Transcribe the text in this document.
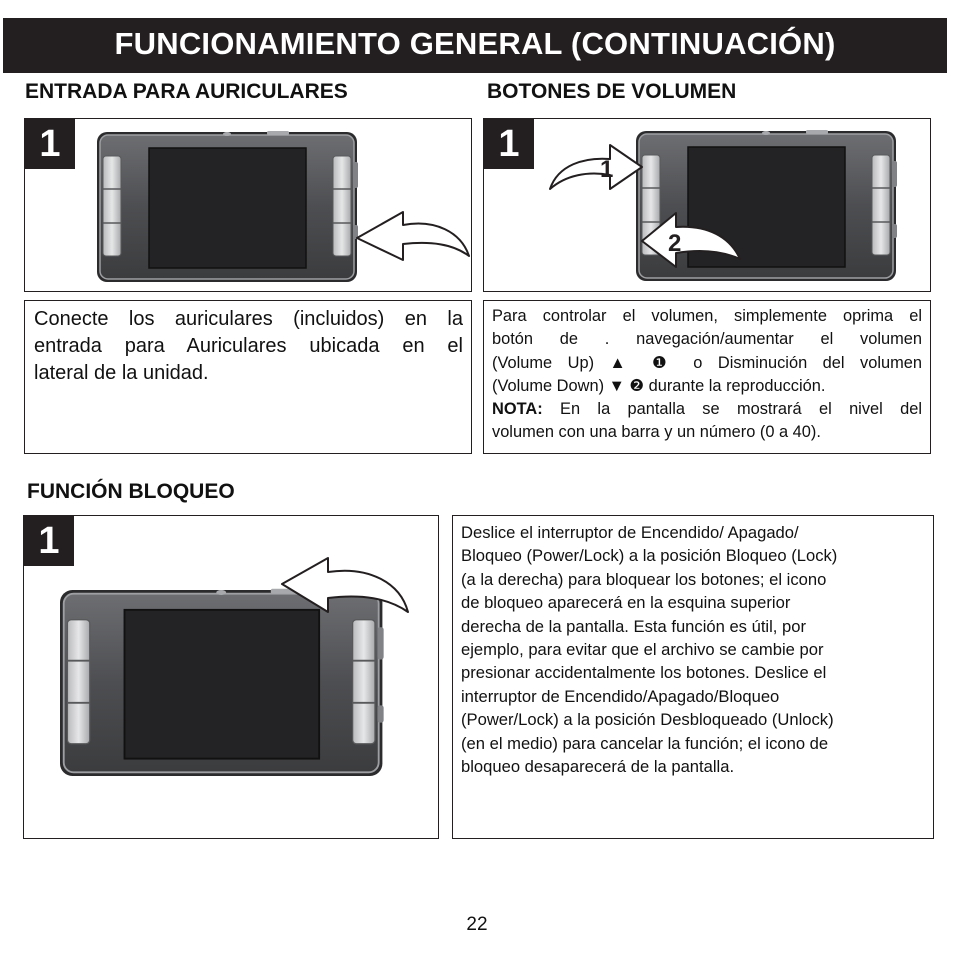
FUNCIONAMIENTO GENERAL (CONTINUACIÓN)
ENTRADA PARA AURICULARES
1
Conecte los auriculares (incluidos) en la
entrada para Auriculares ubicada en el
lateral de la unidad.
BOTONES DE VOLUMEN
1
1
2
Para controlar el volumen, simplemente oprima el
botón de . navegación/aumentar el volumen
(Volume Up) ▲ ❶ o Disminución del volumen
(Volume Down) ▼ ❷ durante la reproducción.
NOTA: En la pantalla se mostrará el nivel del
volumen con una barra y un número (0 a 40).
FUNCIÓN BLOQUEO
1	Deslice el interruptor de Encendido/ Apagado/
Bloqueo (Power/Lock) a la posición Bloqueo (Lock)
(a la derecha) para bloquear los botones; el icono
de bloqueo aparecerá en la esquina superior
derecha de la pantalla. Esta función es útil, por
ejemplo, para evitar que el archivo se cambie por
presionar accidentalmente los botones. Deslice el
interruptor de Encendido/Apagado/Bloqueo
(Power/Lock) a la posición Desbloqueado (Unlock)
(en el medio) para cancelar la función; el icono de
bloqueo desaparecerá de la pantalla.
22
